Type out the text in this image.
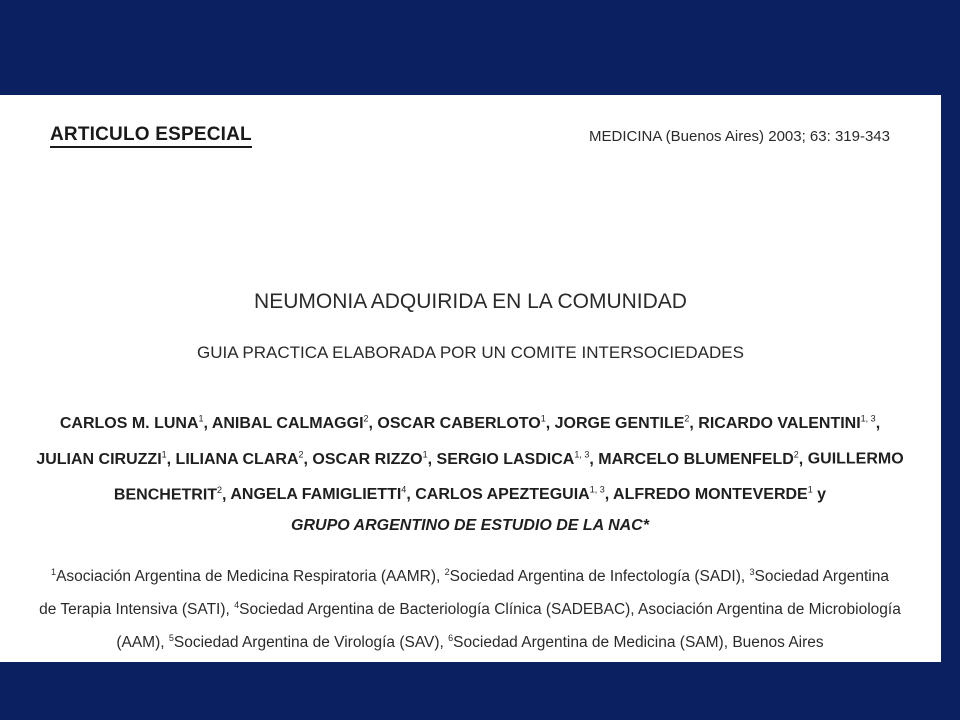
ARTICULO ESPECIAL	MEDICINA (Buenos Aires) 2003; 63: 319-343
NEUMONIA ADQUIRIDA EN LA COMUNIDAD
GUIA PRACTICA ELABORADA POR UN COMITE INTERSOCIEDADES
CARLOS M. LUNA$^1$, ANIBAL CALMAGGI$^2$, OSCAR CABERLOTO$^1$, JORGE GENTILE$^2$, RICARDO VALENTINI$^{1, 3}$,
JULIAN CIRUZZI$^1$, LILIANA CLARA$^2$, OSCAR RIZZO$^1$, SERGIO LASDICA$^{1, 3}$, MARCELO BLUMENFELD$^2$, GUILLERMO
BENCHETRIT$^2$, ANGELA FAMIGLIETTI$^4$, CARLOS APEZTEGUIA$^{1, 3}$, ALFREDO MONTEVERDE$^1$ y
GRUPO ARGENTINO DE ESTUDIO DE LA NAC*
$^1$Asociación Argentina de Medicina Respiratoria (AAMR), $^2$Sociedad Argentina de Infectología (SADI), $^3$Sociedad Argentina
de Terapia Intensiva (SATI), $^4$Sociedad Argentina de Bacteriología Clínica (SADEBAC), Asociación Argentina de Microbiología
(AAM), $^5$Sociedad Argentina de Virología (SAV), $^6$Sociedad Argentina de Medicina (SAM), Buenos Aires
